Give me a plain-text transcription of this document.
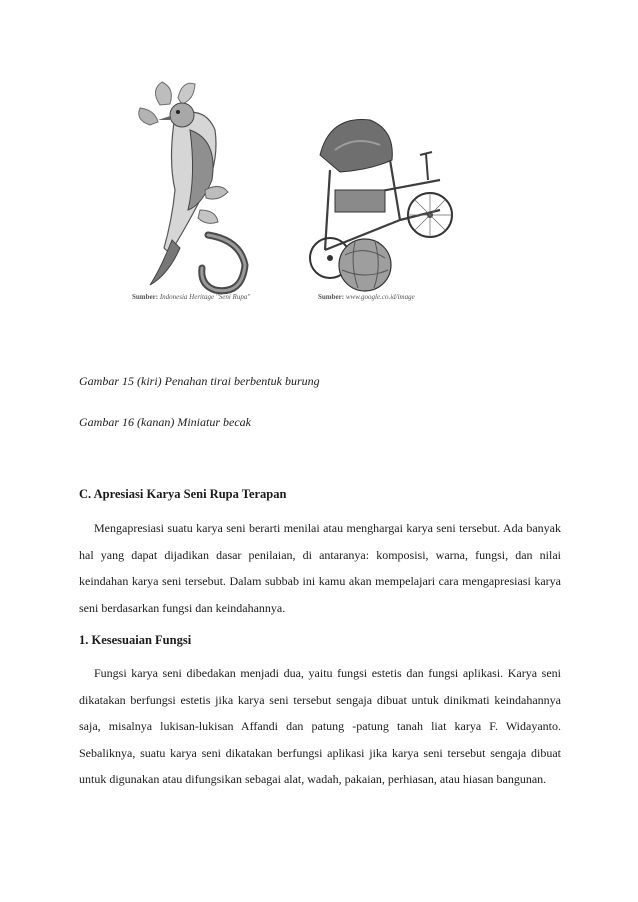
Sumber: Indonesia Heritage "Seni Rupa"	Sumber: www.google.co.id/image
Gambar 15 (kiri) Penahan tirai berbentuk burung
Gambar 16 (kanan) Miniatur becak
C. Apresiasi Karya Seni Rupa Terapan

Mengapresiasi suatu karya seni berarti menilai atau menghargai karya seni tersebut. Ada banyak hal yang dapat dijadikan dasar penilaian, di antaranya: komposisi, warna, fungsi, dan nilai keindahan karya seni tersebut. Dalam subbab ini kamu akan mempelajari cara mengapresiasi karya seni berdasarkan fungsi dan keindahannya.

1. Kesesuaian Fungsi

Fungsi karya seni dibedakan menjadi dua, yaitu fungsi estetis dan fungsi aplikasi. Karya seni dikatakan berfungsi estetis jika karya seni tersebut sengaja dibuat untuk dinikmati keindahannya saja, misalnya lukisan-lukisan Affandi dan patung -patung tanah liat karya F. Widayanto. Sebaliknya, suatu karya seni dikatakan berfungsi aplikasi jika karya seni tersebut sengaja dibuat untuk digunakan atau difungsikan sebagai alat, wadah, pakaian, perhiasan, atau hiasan bangunan.
